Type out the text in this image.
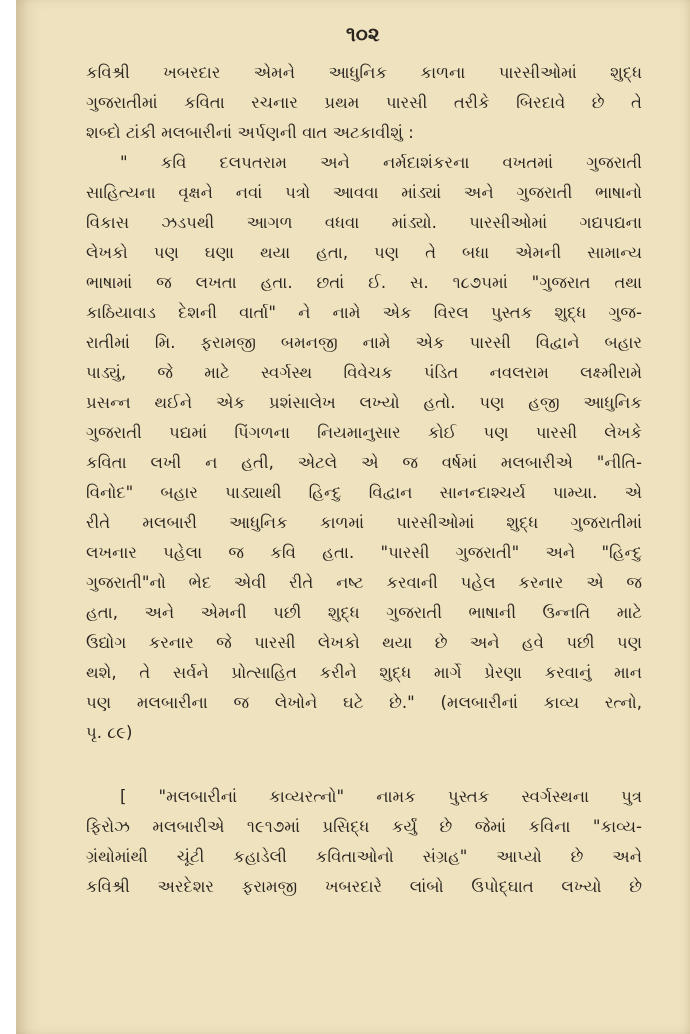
૧૦૨
કવિશ્રી ખબરદાર એમને આધુનિક કાળના પારસીઓમાં શુદ્ધ
ગુજરાતીમાં કવિતા રચનાર પ્રથમ પારસી તરીકે બિરદાવે છે તે
શબ્દો ટાંકી મલબારીનાં અર્પણની વાત અટકાવીશું :
" કવિ દલપતરામ અને નર્મદાશંકરના વખતમાં ગુજરાતી
સાહિત્યના વૃક્ષને નવાં પત્રો આવવા માંડ્યાં અને ગુજરાતી ભાષાનો
વિકાસ ઝડપથી આગળ વધવા માંડ્યો. પારસીઓમાં ગદ્યપદ્યના
લેખકો પણ ઘણા થયા હતા, પણ તે બધા એમની સામાન્ય
ભાષામાં જ લખતા હતા. છતાં ઈ. સ. ૧૮૭૫માં "ગુજરાત તથા
કાઠિયાવાડ દેશની વાર્તા" ને નામે એક વિરલ પુસ્તક શુદ્ધ ગુજ-
રાતીમાં મિ. ફરામજી બમનજી નામે એક પારસી વિદ્વાને બહાર
પાડ્યું, જે માટે સ્વર્ગસ્થ વિવેચક પંડિત નવલરામ લક્ષ્મીરામે
પ્રસન્ન થઈને એક પ્રશંસાલેખ લખ્યો હતો. પણ હજી આધુનિક
ગુજરાતી પદ્યમાં પિંગળના નિયમાનુસાર કોઈ પણ પારસી લેખકે
કવિતા લખી ન હતી, એટલે એ જ વર્ષમાં મલબારીએ "નીતિ-
વિનોદ" બહાર પાડ્યાથી હિન્દુ વિદ્વાન સાનન્દાશ્ચર્ય પામ્યા. એ
રીતે મલબારી આધુનિક કાળમાં પારસીઓમાં શુદ્ધ ગુજરાતીમાં
લખનાર પહેલા જ કવિ હતા. "પારસી ગુજરાતી" અને "હિન્દુ
ગુજરાતી"નો ભેદ એવી રીતે નષ્ટ કરવાની પહેલ કરનાર એ જ
હતા, અને એમની પછી શુદ્ધ ગુજરાતી ભાષાની ઉન્નતિ માટે
ઉદ્યોગ કરનાર જે પારસી લેખકો થયા છે અને હવે પછી પણ
થશે, તે સર્વને પ્રોત્સાહિત કરીને શુદ્ધ માર્ગે પ્રેરણા કરવાનું માન
પણ મલબારીના જ લેખોને ઘટે છે." (મલબારીનાં કાવ્ય રત્નો,
પૃ. ૮૯)
[ "મલબારીનાં કાવ્યરત્નો" નામક પુસ્તક સ્વર્ગસ્થના પુત્ર
ફિરોઝ મલબારીએ ૧૯૧૭માં પ્રસિદ્ધ કર્યું છે જેમાં કવિના "કાવ્ય-
ગ્રંથોમાંથી ચૂંટી કહાડેલી કવિતાઓનો સંગ્રહ" આપ્યો છે અને
કવિશ્રી અરદેશર ફરામજી ખબરદારે લાંબો ઉપોદ્ઘાત લખ્યો છે
